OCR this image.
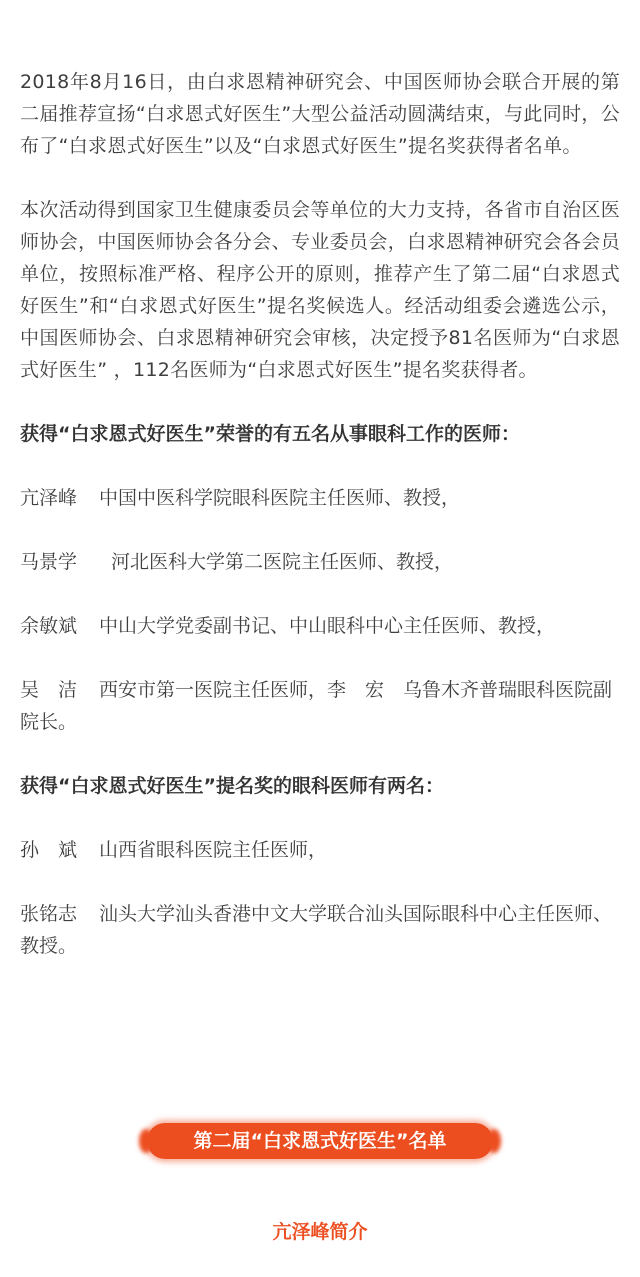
2018年8月16日，由白求恩精神研究会、中国医师协会联合开展的第二届推荐宣扬“白求恩式好医生”大型公益活动圆满结束，与此同时，公布了“白求恩式好医生”以及“白求恩式好医生”提名奖获得者名单。

本次活动得到国家卫生健康委员会等单位的大力支持，各省市自治区医师协会，中国医师协会各分会、专业委员会，白求恩精神研究会各会员单位，按照标准严格、程序公开的原则，推荐产生了第二届“白求恩式好医生”和“白求恩式好医生”提名奖候选人。经活动组委会遴选公示，中国医师协会、白求恩精神研究会审核，决定授予81名医师为“白求恩式好医生” ，112名医师为“白求恩式好医生”提名奖获得者。

获得“白求恩式好医生”荣誉的有五名从事眼科工作的医师：

亢泽峰 中国中医科学院眼科医院主任医师、教授，

马景学 河北医科大学第二医院主任医师、教授，

余敏斌 中山大学党委副书记、中山眼科中心主任医师、教授，

吴　洁 西安市第一医院主任医师，李　宏　乌鲁木齐普瑞眼科医院副院长。

获得“白求恩式好医生”提名奖的眼科医师有两名：

孙　斌 山西省眼科医院主任医师，

张铭志 汕头大学汕头香港中文大学联合汕头国际眼科中心主任医师、教授。

第二届“白求恩式好医生”名单
亢泽峰简介
